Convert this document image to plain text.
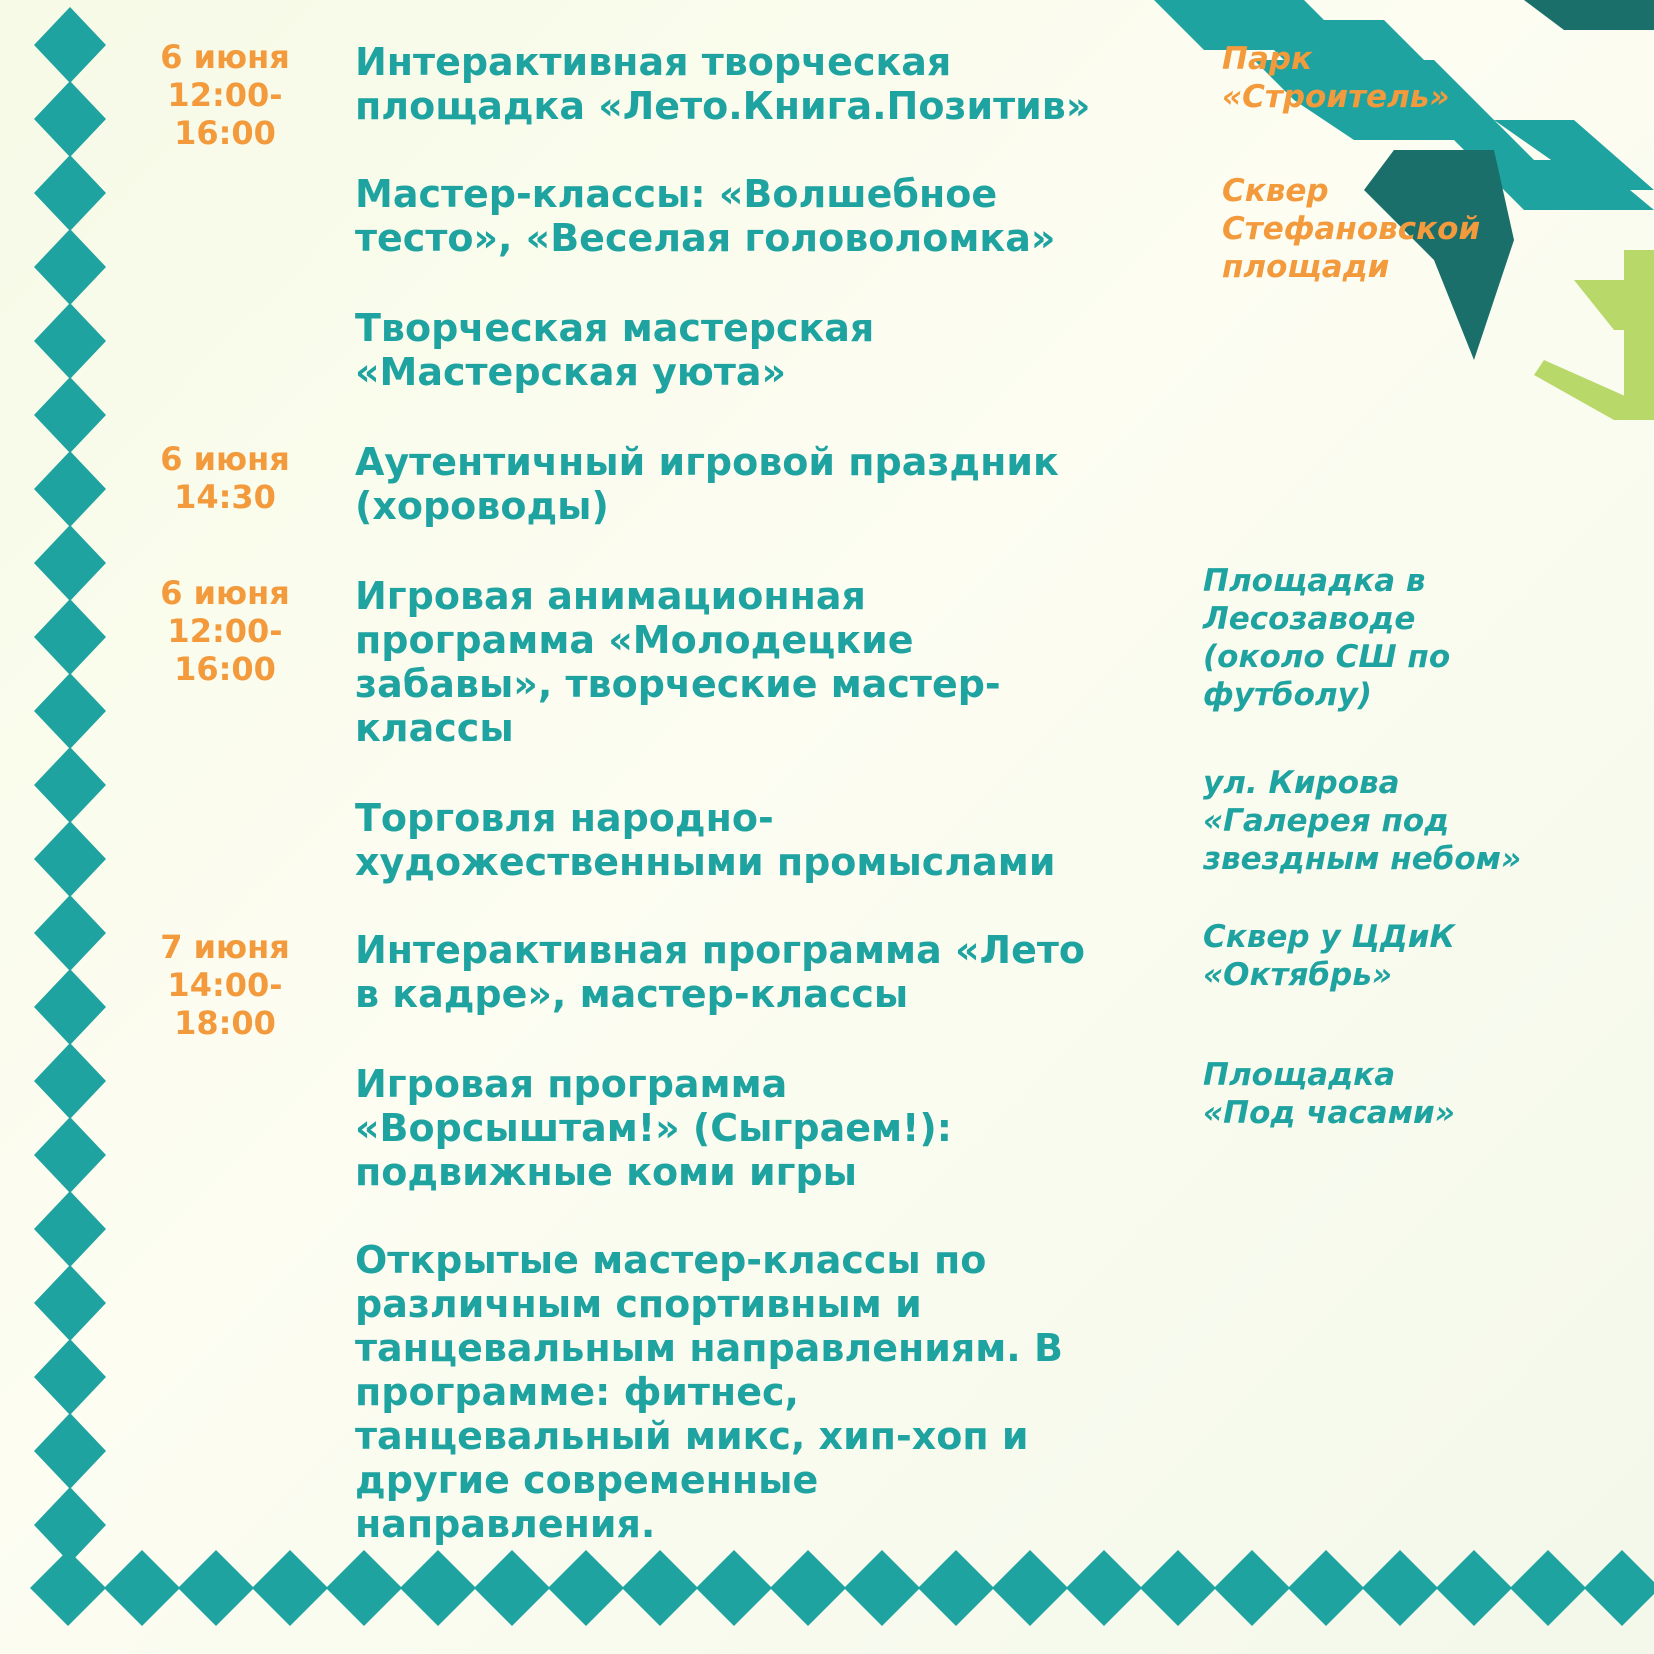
6 июня
12:00-
16:00
6 июня
14:30
6 июня
12:00-
16:00
7 июня
14:00-
18:00
Интерактивная творческая
площадка «Лето.Книга.Позитив»
Мастер-классы: «Волшебное
тесто», «Веселая головоломка»
Творческая мастерская
«Мастерская уюта»
Аутентичный игровой праздник
(хороводы)
Игровая анимационная
программа «Молодецкие
забавы», творческие мастер-
классы
Торговля народно-
художественными промыслами
Интерактивная программа «Лето
в кадре», мастер-классы
Игровая программа
«Ворсыштам!» (Сыграем!):
подвижные коми игры
Открытые мастер-классы по
различным спортивным и
танцевальным направлениям. В
программе: фитнес,
танцевальный микс, хип-хоп и
другие современные
направления.
Парк
«Строитель»
Сквер
Стефановской
площади
Площадка в
Лесозаводе
(около СШ по
футболу)
ул. Кирова
«Галерея под
звездным небом»
Сквер у ЦДиК
«Октябрь»
Площадка
«Под часами»
